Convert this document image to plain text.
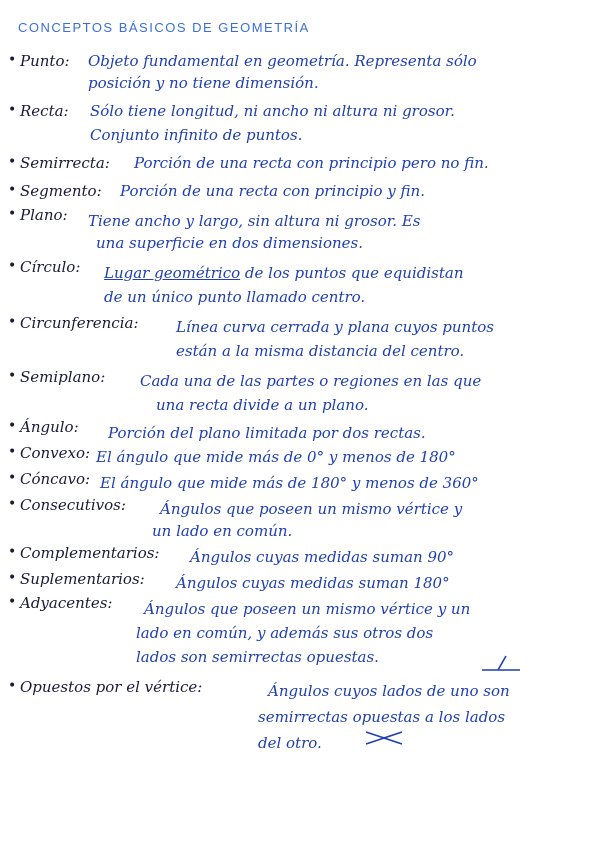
CONCEPTOS BÁSICOS DE GEOMETRÍA
• Punto: Objeto fundamental en geometría. Representa sólo
posición y no tiene dimensión.
• Recta: Sólo tiene longitud, ni ancho ni altura ni grosor.
Conjunto infinito de puntos.
• Semirrecta: Porción de una recta con principio pero no fin.
• Segmento: Porción de una recta con principio y fin.
• Plano: Tiene ancho y largo, sin altura ni grosor. Es
una superficie en dos dimensiones.
• Círculo: Lugar geométrico de los puntos que equidistan
de un único punto llamado centro.
• Circunferencia:	Línea curva cerrada y plana cuyos puntos
están a la misma distancia del centro.
• Semiplano: Cada una de las partes o regiones en las que
una recta divide a un plano.
• Ángulo: Porción del plano limitada por dos rectas.
• Convexo: El ángulo que mide más de 0° y menos de 180°
• Cóncavo: El ángulo que mide más de 180° y menos de 360°
• Consecutivos: Ángulos que poseen un mismo vértice y
un lado en común.
• Complementarios: Ángulos cuyas medidas suman 90°
• Suplementarios: Ángulos cuyas medidas suman 180°
• Adyacentes: Ángulos que poseen un mismo vértice y un
lado en común, y además sus otros dos
lados son semirrectas opuestas.
• Opuestos por el vértice:	Ángulos cuyos lados de uno son
semirrectas opuestas a los lados
del otro.
